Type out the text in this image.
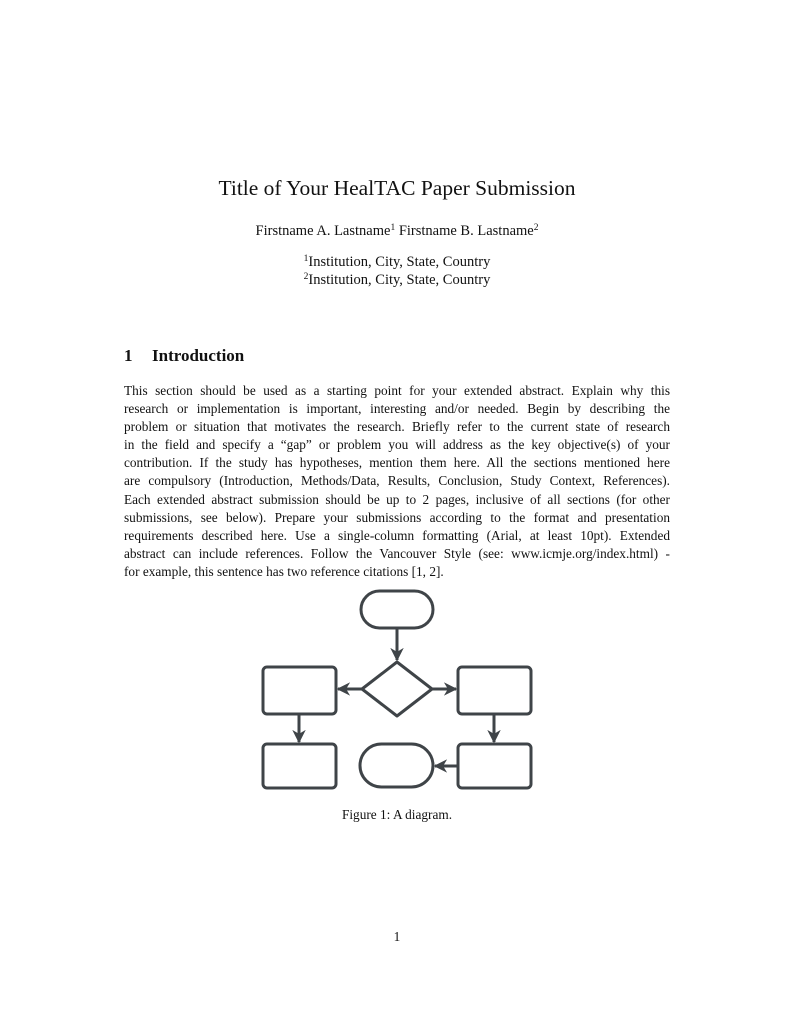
Title of Your HealTAC Paper Submission
Firstname A. Lastname$^1$ Firstname B. Lastname$^2$
$^1$Institution, City, State, Country
$^2$Institution, City, State, Country
1 Introduction
This section should be used as a starting point for your extended abstract. Explain why this
research or implementation is important, interesting and/or needed. Begin by describing the
problem or situation that motivates the research. Briefly refer to the current state of research
in the field and specify a “gap” or problem you will address as the key objective(s) of your
contribution. If the study has hypotheses, mention them here. All the sections mentioned here
are compulsory (Introduction, Methods/Data, Results, Conclusion, Study Context, References).
Each extended abstract submission should be up to 2 pages, inclusive of all sections (for other
submissions, see below). Prepare your submissions according to the format and presentation
requirements described here. Use a single-column formatting (Arial, at least 10pt). Extended
abstract can include references. Follow the Vancouver Style (see: www.icmje.org/index.html) -
for example, this sentence has two reference citations [1, 2].
Figure 1: A diagram.
1
